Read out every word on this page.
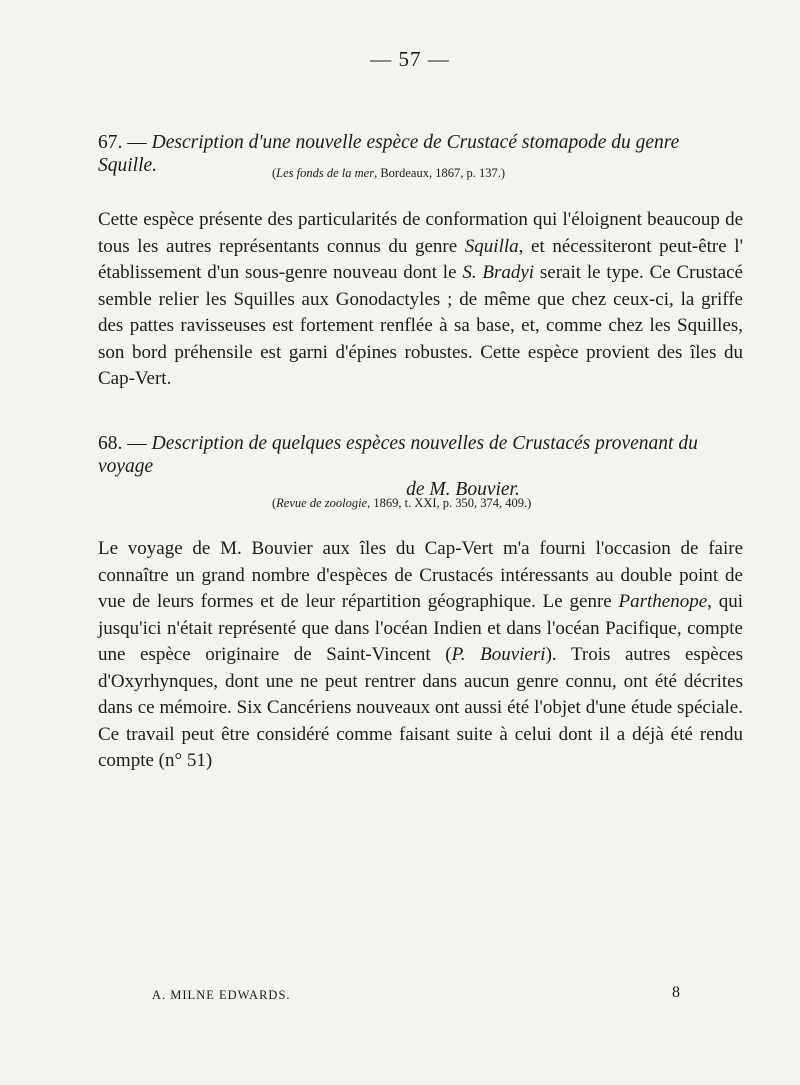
— 57 —
67. — Description d'une nouvelle espèce de Crustacé stomapode du genre Squille.	(Les fonds de la mer, Bordeaux, 1867, p. 137.)

Cette espèce présente des particularités de conformation qui l'éloignent beaucoup de tous les autres représentants connus du genre Squilla, et nécessiteront peut-être l' établissement d'un sous-genre nouveau dont le S. Bradyi serait le type. Ce Crustacé semble relier les Squilles aux Gonodactyles ; de même que chez ceux-ci, la griffe des pattes ravisseuses est fortement renflée à sa base, et, comme chez les Squilles, son bord préhensile est garni d'épines robustes. Cette espèce provient des îles du Cap-Vert.

68. — Description de quelques espèces nouvelles de Crustacés provenant du voyage
de M. Bouvier.
(Revue de zoologie, 1869, t. XXI, p. 350, 374, 409.)

Le voyage de M. Bouvier aux îles du Cap-Vert m'a fourni l'occasion de faire connaître un grand nombre d'espèces de Crustacés intéressants au double point de vue de leurs formes et de leur répartition géographique. Le genre Parthenope, qui jusqu'ici n'était représenté que dans l'océan Indien et dans l'océan Pacifique, compte une espèce originaire de Saint-Vincent (P. Bouvieri). Trois autres espèces d'Oxyrhynques, dont une ne peut rentrer dans aucun genre connu, ont été décrites dans ce mémoire. Six Cancériens nouveaux ont aussi été l'objet d'une étude spéciale. Ce travail peut être considéré comme faisant suite à celui dont il a déjà été rendu compte (n° 51)

A. MILNE EDWARDS.	8
